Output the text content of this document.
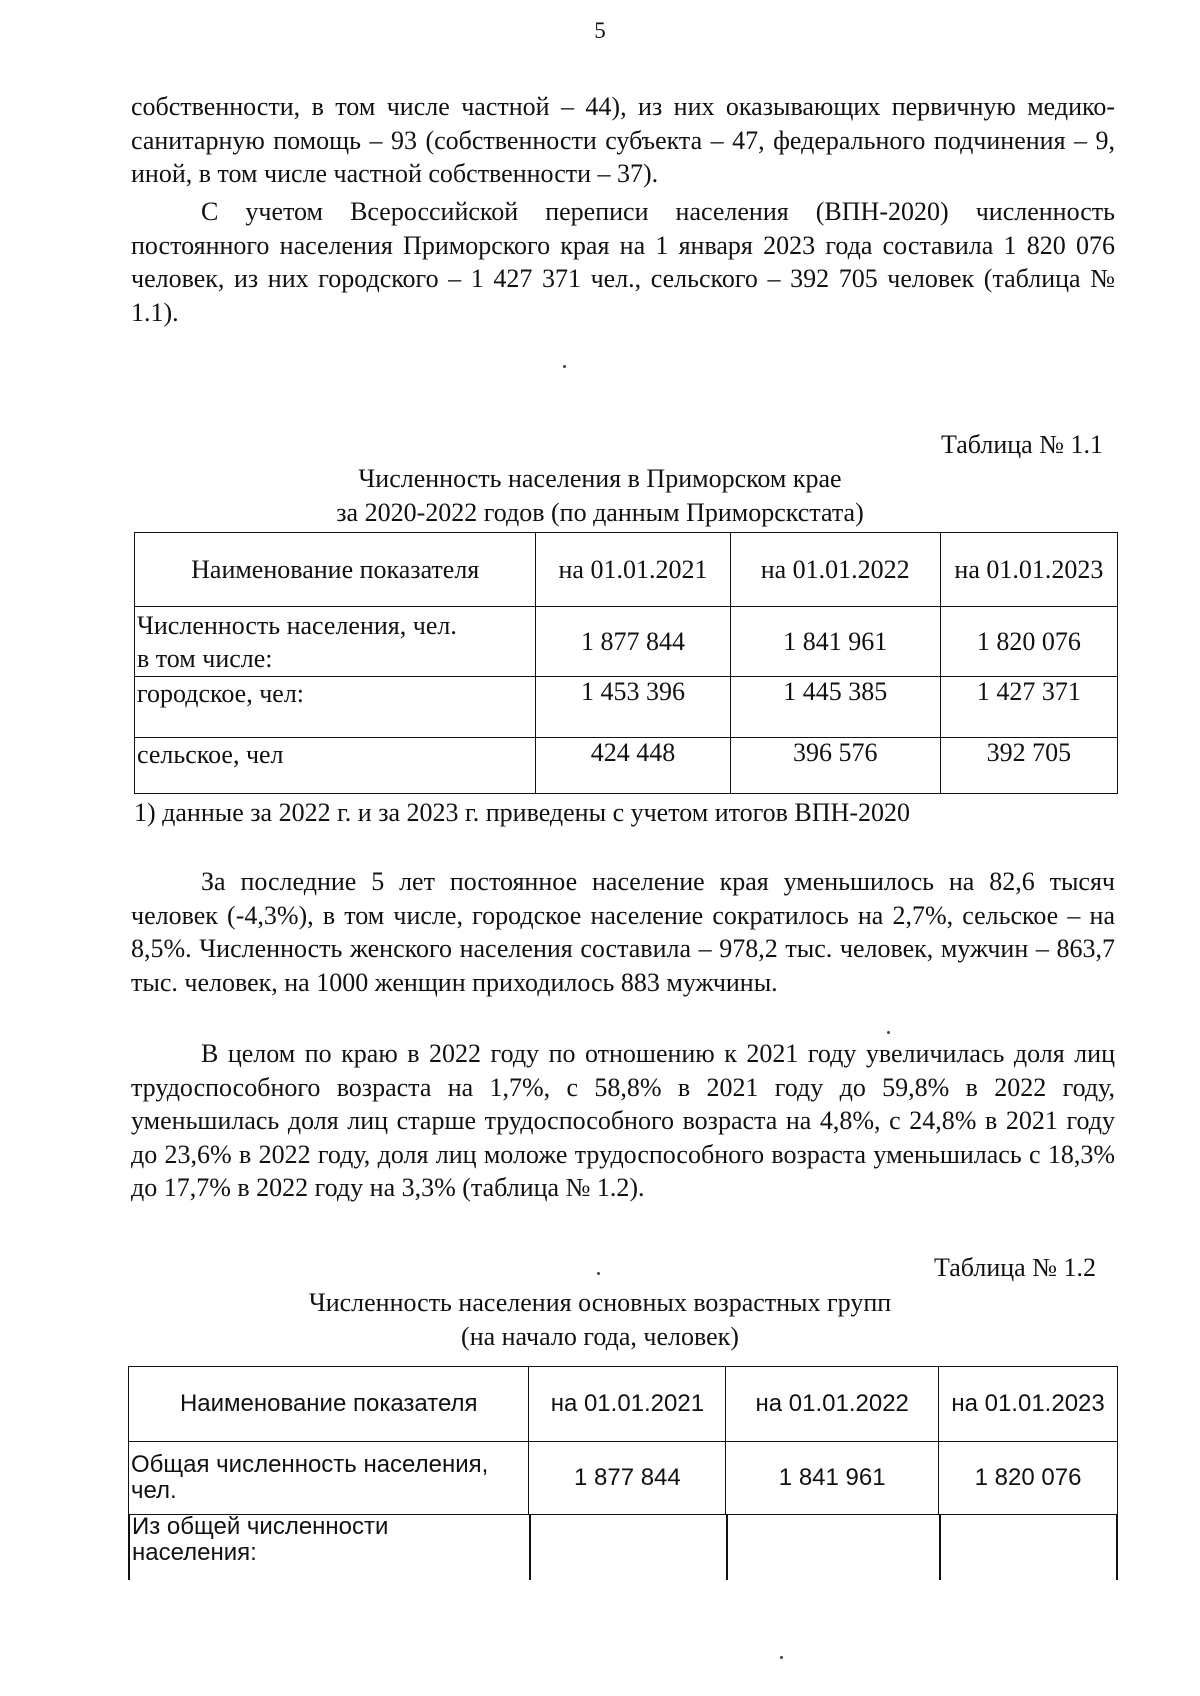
5

собственности, в том числе частной – 44), из них оказывающих первичную медико-санитарную помощь – 93 (собственности субъекта – 47, федерального подчинения – 9, иной, в том числе частной собственности – 37).

С учетом Всероссийской переписи населения (ВПН-2020) численность постоянного населения Приморского края на 1 января 2023 года составила 1 820 076 человек, из них городского – 1 427 371 чел., сельского – 392 705 человек (таблица № 1.1).

Таблица № 1.1
Численность населения в Приморском крае
за 2020-2022 годов (по данным Приморскстата)
Наименование показателя	на 01.01.2021	на 01.01.2022	на 01.01.2023

Численность населения, чел.
в том числе:	1 877 844	1 841 961	1 820 076
городское, чел:	1 453 396	1 445 385	1 427 371
сельское, чел	424 448	396 576	392 705
1) данные за 2022 г. и за 2023 г. приведены с учетом итогов ВПН-2020

За последние 5 лет постоянное население края уменьшилось на 82,6 тысяч человек (-4,3%), в том числе, городское население сократилось на 2,7%, сельское – на 8,5%. Численность женского населения составила – 978,2 тыс. человек, мужчин – 863,7 тыс. человек, на 1000 женщин приходилось 883 мужчины.

В целом по краю в 2022 году по отношению к 2021 году увеличилась доля лиц трудоспособного возраста на 1,7%, с 58,8% в 2021 году до 59,8% в 2022 году, уменьшилась доля лиц старше трудоспособного возраста на 4,8%, с 24,8% в 2021 году до 23,6% в 2022 году, доля лиц моложе трудоспособного возраста уменьшилась с 18,3% до 17,7% в 2022 году на 3,3% (таблица № 1.2).

Таблица № 1.2
Численность населения основных возрастных групп
(на начало года, человек)
Наименование показателя	на 01.01.2021	на 01.01.2022	на 01.01.2023

Общая численность населения,
чел.	1 877 844	1 841 961	1 820 076
Из общей численности
населения:
